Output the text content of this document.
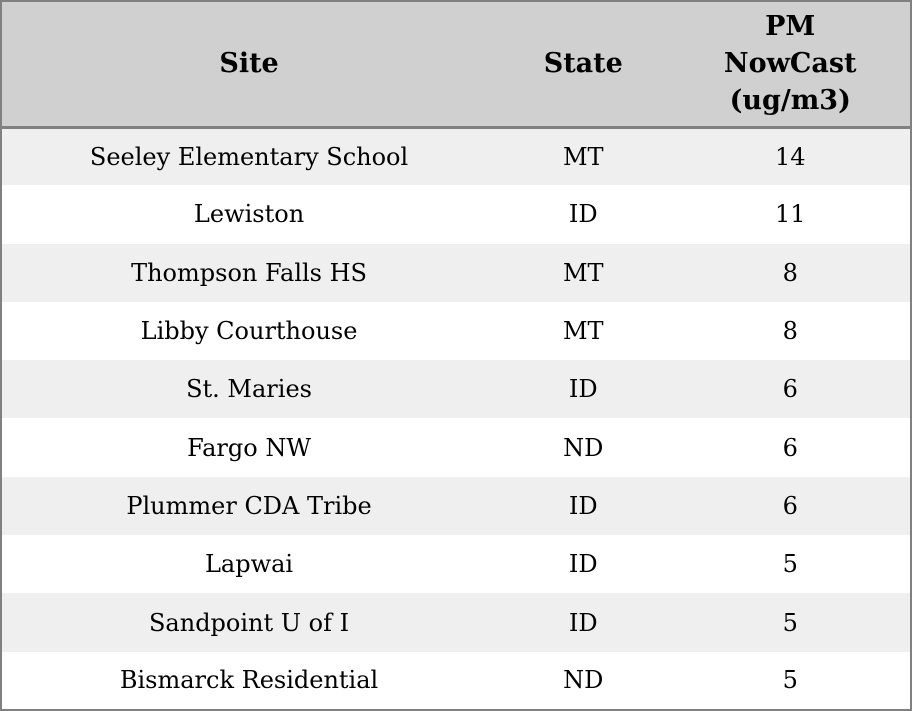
Site	State	PM
NowCast
(ug/m3)

Seeley Elementary School	MT	14
Lewiston	ID	11
Thompson Falls HS	MT	8
Libby Courthouse	MT	8
St. Maries	ID	6
Fargo NW	ND	6
Plummer CDA Tribe	ID	6
Lapwai	ID	5
Sandpoint U of I	ID	5
Bismarck Residential	ND	5
